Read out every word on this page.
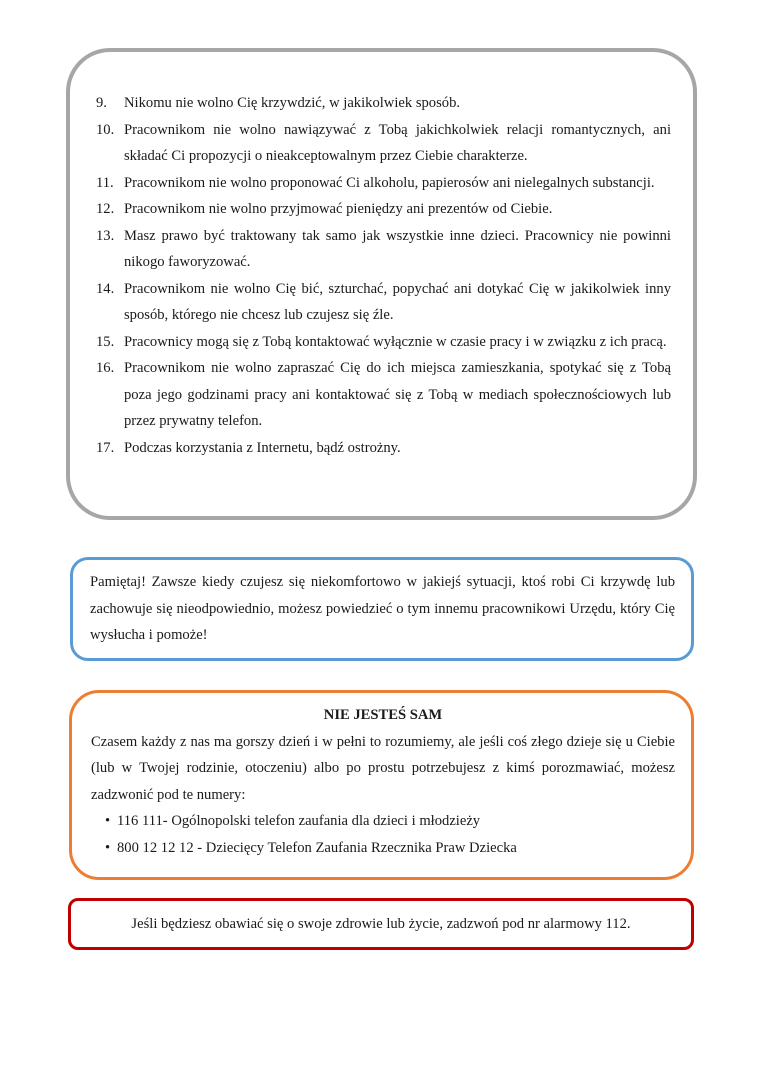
9.	Nikomu nie wolno Cię krzywdzić, w jakikolwiek sposób.
10. Pracownikom nie wolno nawiązywać z Tobą jakichkolwiek relacji romantycznych, ani składać Ci propozycji o nieakceptowalnym przez Ciebie charakterze.
11. Pracownikom nie wolno proponować Ci alkoholu, papierosów ani nielegalnych substancji.
12. Pracownikom nie wolno przyjmować pieniędzy ani prezentów od Ciebie.
13. Masz prawo być traktowany tak samo jak wszystkie inne dzieci. Pracownicy nie powinni nikogo faworyzować.
14. Pracownikom nie wolno Cię bić, szturchać, popychać ani dotykać Cię w jakikolwiek inny sposób, którego nie chcesz lub czujesz się źle.
15. Pracownicy mogą się z Tobą kontaktować wyłącznie w czasie pracy i w związku z ich pracą.
16. Pracownikom nie wolno zapraszać Cię do ich miejsca zamieszkania, spotykać się z Tobą poza jego godzinami pracy ani kontaktować się z Tobą w mediach społecznościowych lub przez prywatny telefon.
17. Podczas korzystania z Internetu, bądź ostrożny.
Pamiętaj! Zawsze kiedy czujesz się niekomfortowo w jakiejś sytuacji, ktoś robi Ci krzywdę lub zachowuje się nieodpowiednio, możesz powiedzieć o tym innemu pracownikowi Urzędu, który Cię wysłucha i pomoże!
NIE JESTEŚ SAM
Czasem każdy z nas ma gorszy dzień i w pełni to rozumiemy, ale jeśli coś złego dzieje się u Ciebie (lub w Twojej rodzinie, otoczeniu) albo po prostu potrzebujesz z kimś porozmawiać, możesz zadzwonić pod te numery:
• 116 111- Ogólnopolski telefon zaufania dla dzieci i młodzieży
• 800 12 12 12 - Dziecięcy Telefon Zaufania Rzecznika Praw Dziecka
Jeśli będziesz obawiać się o swoje zdrowie lub życie, zadzwoń pod nr alarmowy 112.
